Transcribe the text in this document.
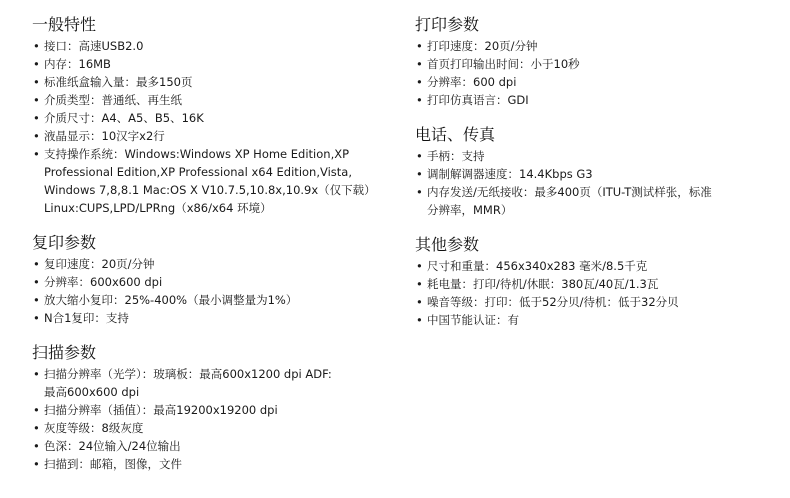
一般特性
• 接口：高速USB2.0
• 内存：16MB
• 标准纸盒输入量：最多150页
• 介质类型：普通纸、再生纸
• 介质尺寸：A4、A5、B5、16K
• 液晶显示：10汉字x2行
• 支持操作系统：Windows:Windows XP Home Edition,XP
Professional Edition,XP Professional x64 Edition,Vista,
Windows 7,8,8.1 Mac:OS X V10.7.5,10.8x,10.9x（仅下载）
Linux:CUPS,LPD/LPRng（x86/x64 环境）
复印参数
• 复印速度：20页/分钟
• 分辨率：600x600 dpi
• 放大缩小复印：25%-400%（最小调整量为1%）
• N合1复印：支持
扫描参数
• 扫描分辨率（光学）：玻璃板：最高600x1200 dpi ADF:
最高600x600 dpi
• 扫描分辨率（插值）：最高19200x19200 dpi
• 灰度等级：8级灰度
• 色深：24位输入/24位输出
• 扫描到：邮箱，图像，文件
打印参数
• 打印速度：20页/分钟
• 首页打印输出时间：小于10秒
• 分辨率：600 dpi
• 打印仿真语言：GDI
电话、传真
• 手柄：支持
• 调制解调器速度：14.4Kbps G3
• 内存发送/无纸接收：最多400页（ITU-T测试样张，标准
分辨率，MMR）
其他参数
• 尺寸和重量：456x340x283 毫米/8.5千克
• 耗电量：打印/待机/休眠：380瓦/40瓦/1.3瓦
• 噪音等级：打印：低于52分贝/待机：低于32分贝
• 中国节能认证：有
